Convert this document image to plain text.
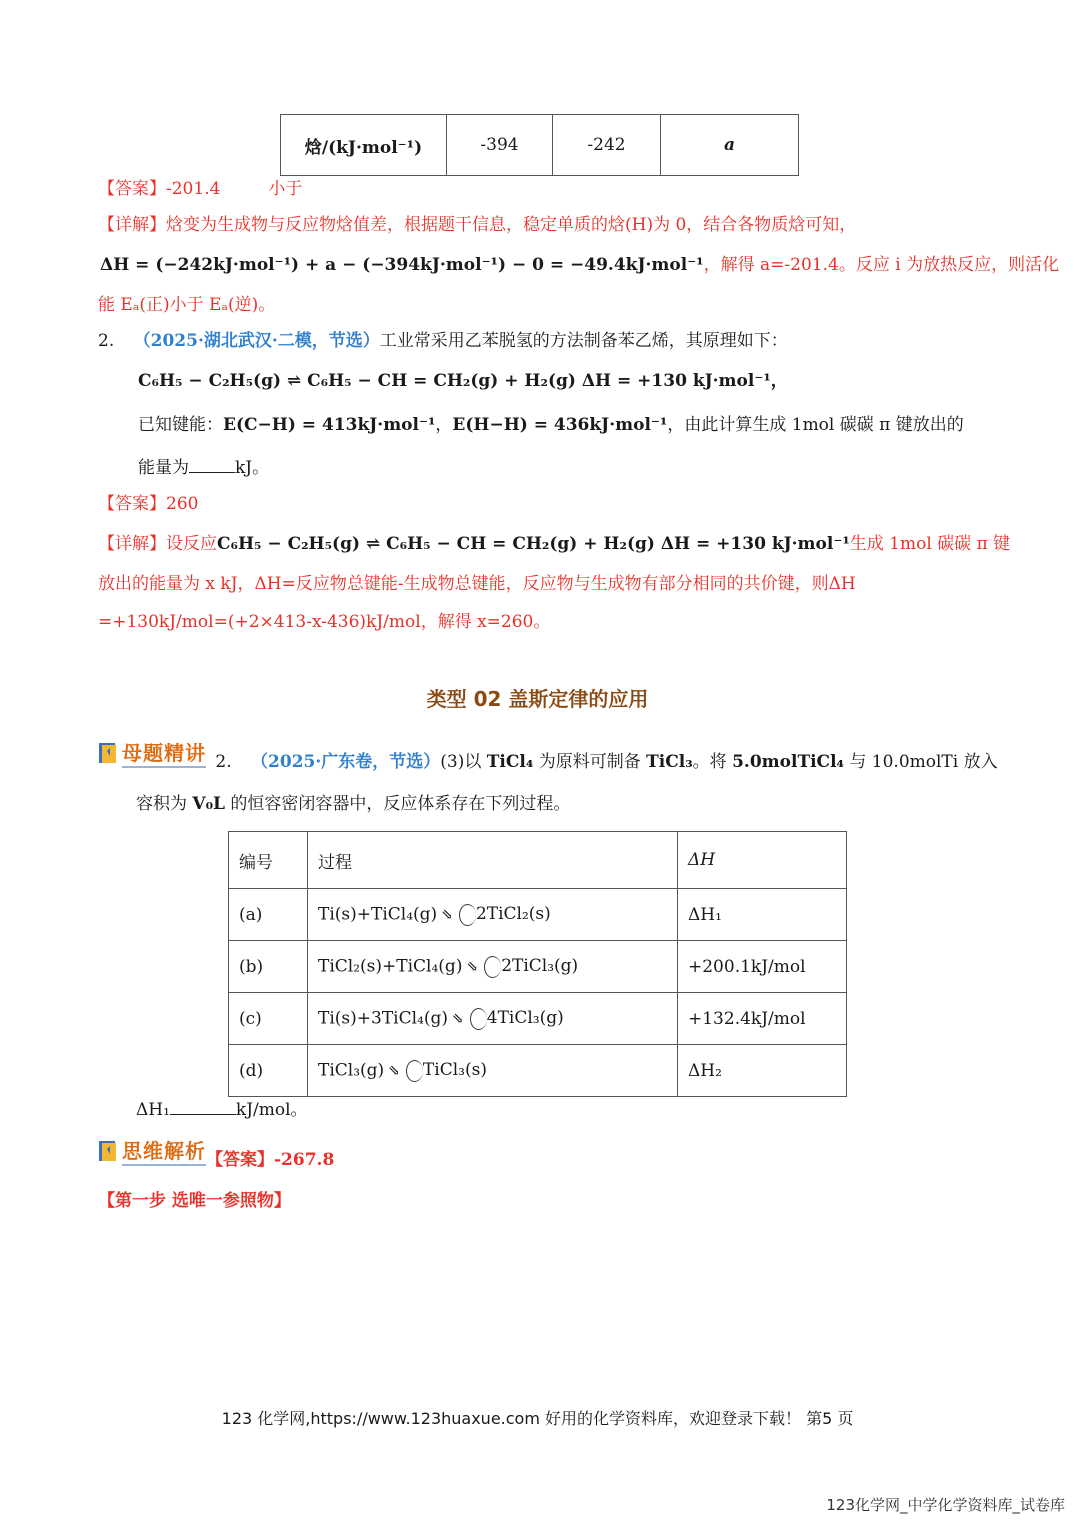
焓/(kJ·mol⁻¹)	-394	-242	a
【答案】-201.4	小于
【详解】焓变为生成物与反应物焓值差，根据题干信息，稳定单质的焓(H)为 0，结合各物质焓可知，
ΔH = (−242kJ·mol⁻¹) + a − (−394kJ·mol⁻¹) − 0 = −49.4kJ·mol⁻¹，解得 a=-201.4。反应 i 为放热反应，则活化
能 Eₐ(正)小于 Eₐ(逆)。
2. （2025·湖北武汉·二模，节选）工业常采用乙苯脱氢的方法制备苯乙烯，其原理如下：
C₆H₅ − C₂H₅(g) ⇌ C₆H₅ − CH = CH₂(g) + H₂(g) ΔH = +130 kJ·mol⁻¹，
已知键能：E(C−H) = 413kJ·mol⁻¹，E(H−H) = 436kJ·mol⁻¹，由此计算生成 1mol 碳碳 π 键放出的
能量为	kJ。
【答案】260
【详解】设反应C₆H₅ − C₂H₅(g) ⇌ C₆H₅ − CH = CH₂(g) + H₂(g) ΔH = +130 kJ·mol⁻¹生成 1mol 碳碳 π 键
放出的能量为 x kJ，ΔH=反应物总键能-生成物总键能，反应物与生成物有部分相同的共价键，则ΔH
=+130kJ/mol=(+2×413-x-436)kJ/mol，解得 x=260。
类型 02 盖斯定律的应用
母题精讲 2. （2025·广东卷，节选）(3)以 TiCl₄ 为原料可制备 TiCl₃。将 5.0molTiCl₄ 与 10.0molTi 放入
容积为 V₀L 的恒容密闭容器中，反应体系存在下列过程。
编号	过程	ΔH
(a)	Ti(s)+TiCl₄(g) ⇘ ○2TiCl₂(s)	ΔH₁
(b)	TiCl₂(s)+TiCl₄(g) ⇘ ○2TiCl₃(g)	+200.1kJ/mol
(c)	Ti(s)+3TiCl₄(g) ⇘ ○4TiCl₃(g)	+132.4kJ/mol
(d)	TiCl₃(g) ⇘ ○TiCl₃(s)	ΔH₂
ΔH₁	kJ/mol。
思维解析 【答案】-267.8
【第一步 选唯一参照物】
123 化学网,https://www.123huaxue.com 好用的化学资料库，欢迎登录下载！ 第5 页
123化学网_中学化学资料库_试卷库
